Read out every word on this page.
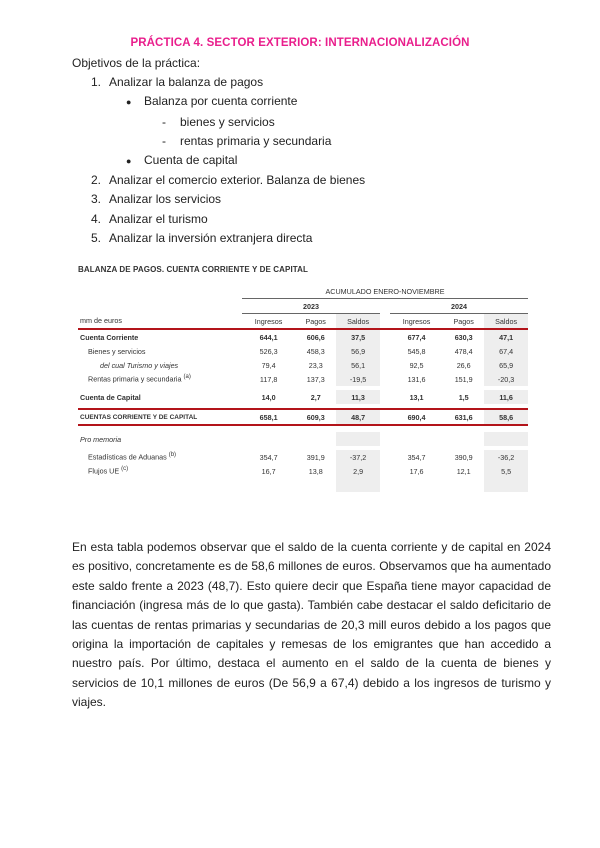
PRÁCTICA 4. SECTOR EXTERIOR: INTERNACIONALIZACIÓN

Objetivos de la práctica:

1. Analizar la balanza de pagos

● Balanza por cuenta corriente

- bienes y servicios

- rentas primaria y secundaria

● Cuenta de capital

2. Analizar el comercio exterior. Balanza de bienes

3. Analizar los servicios

4. Analizar el turismo

5. Analizar la inversión extranjera directa

BALANZA DE PAGOS. CUENTA CORRIENTE Y DE CAPITAL
	ACUMULADO ENERO-NOVIEMBRE						
	2023				2024		
mm de euros	Ingresos	Pagos	Saldos		Ingresos	Pagos	Saldos
Cuenta Corriente	644,1	606,6	37,5		677,4	630,3	47,1
Bienes y servicios	526,3	458,3	56,9		545,8	478,4	67,4
del cual Turismo y viajes	79,4	23,3	56,1		92,5	26,6	65,9
Rentas primaria y secundaria $^{(a)}$	117,8	137,3	-19,5		131,6	151,9	-20,3

Cuenta de Capital	14,0	2,7	11,3		13,1	1,5	11,6

CUENTAS CORRIENTE Y DE CAPITAL	658,1	609,3	48,7		690,4	631,6	58,6

Pro memoria							

Estadísticas de Aduanas $^{(b)}$	354,7	391,9	-37,2		354,7	390,9	-36,2
Flujos UE $^{(c)}$	16,7	13,8	2,9		17,6	12,1	5,5

En esta tabla podemos observar que el saldo de la cuenta corriente y de capital en 2024 es positivo, concretamente es de 58,6 millones de euros. Observamos que ha aumentado este saldo frente a 2023 (48,7). Esto quiere decir que España tiene mayor capacidad de financiación (ingresa más de lo que gasta). También cabe destacar el saldo deficitario de las cuentas de rentas primarias y secundarias de 20,3 mill euros debido a los pagos que origina la importación de capitales y remesas de los emigrantes que han accedido a nuestro país. Por último, destaca el aumento en el saldo de la cuenta de bienes y servicios de 10,1 millones de euros (De 56,9 a 67,4) debido a los ingresos de turismo y viajes.
